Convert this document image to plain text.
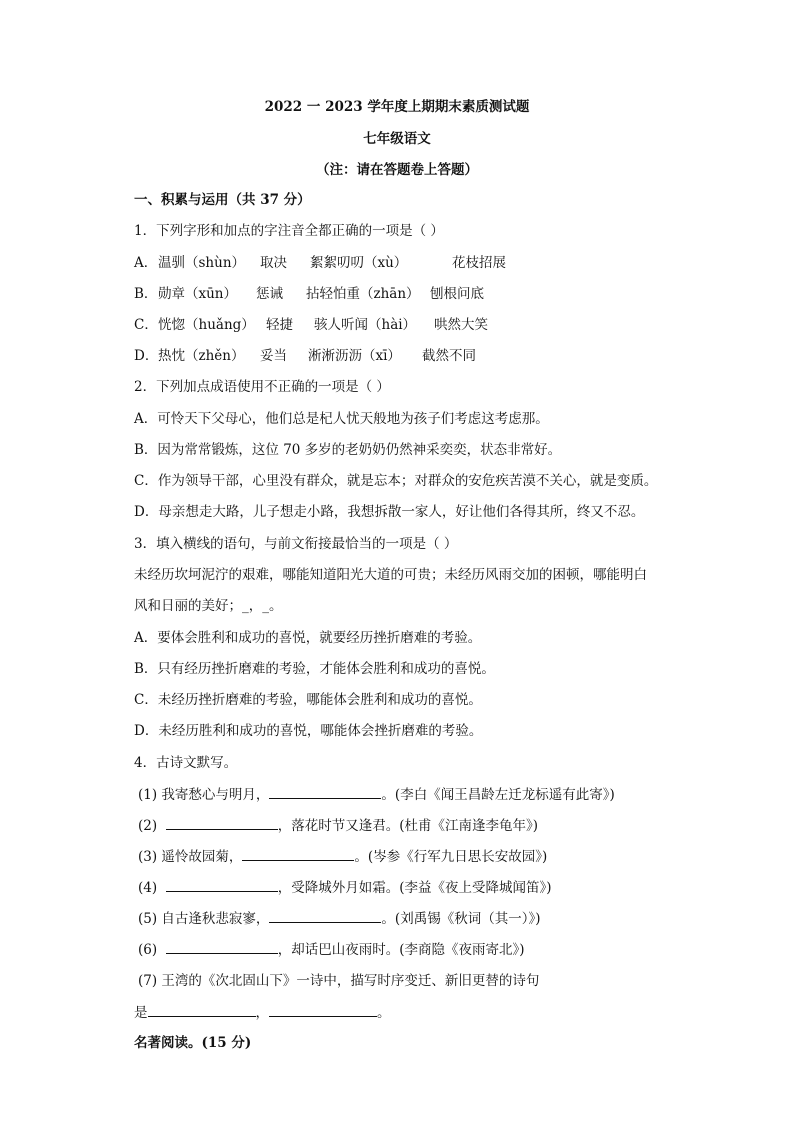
2022 一 2023 学年度上期期末素质测试题
七年级语文
（注：请在答题卷上答题）
一、积累与运用（共 37 分）
1．下列字形和加点的字注音全都正确的一项是（ ）
A．温驯（shùn） 取决 絮絮叨叨（xù）	花枝招展
B．勋章（xūn） 惩诫 拈轻怕重（zhān） 刨根问底
C．恍惚（huǎng） 轻捷 骇人听闻（hài） 哄然大笑
D．热忱（zhěn） 妥当 淅淅沥沥（xī） 截然不同
2．下列加点成语使用不正确的一项是（ ）
A．可怜天下父母心，他们总是杞人忧天般地为孩子们考虑这考虑那。
B．因为常常锻炼，这位 70 多岁的老奶奶仍然神采奕奕，状态非常好。
C．作为领导干部，心里没有群众，就是忘本；对群众的安危疾苦漠不关心，就是变质。
D．母亲想走大路，儿子想走小路，我想拆散一家人，好让他们各得其所，终又不忍。
3．填入横线的语句，与前文衔接最恰当的一项是（ ）
未经历坎坷泥泞的艰难，哪能知道阳光大道的可贵；未经历风雨交加的困顿，哪能明白
风和日丽的美好；_，_。
A．要体会胜利和成功的喜悦，就要经历挫折磨难的考验。
B．只有经历挫折磨难的考验，才能体会胜利和成功的喜悦。
C．未经历挫折磨难的考验，哪能体会胜利和成功的喜悦。
D．未经历胜利和成功的喜悦，哪能体会挫折磨难的考验。
4．古诗文默写。
(1) 我寄愁心与明月，	。(李白《闻王昌龄左迁龙标遥有此寄》)
(2)	，落花时节又逢君。(杜甫《江南逢李龟年》)
(3) 遥怜故园菊，	。(岑参《行军九日思长安故园》)
(4)	，受降城外月如霜。(李益《夜上受降城闻笛》)
(5) 自古逢秋悲寂寥，	。(刘禹锡《秋词（其一）》)
(6)	，却话巴山夜雨时。(李商隐《夜雨寄北》)
(7) 王湾的《次北固山下》一诗中，描写时序变迁、新旧更替的诗句
是	，	。
名著阅读。(15 分)
